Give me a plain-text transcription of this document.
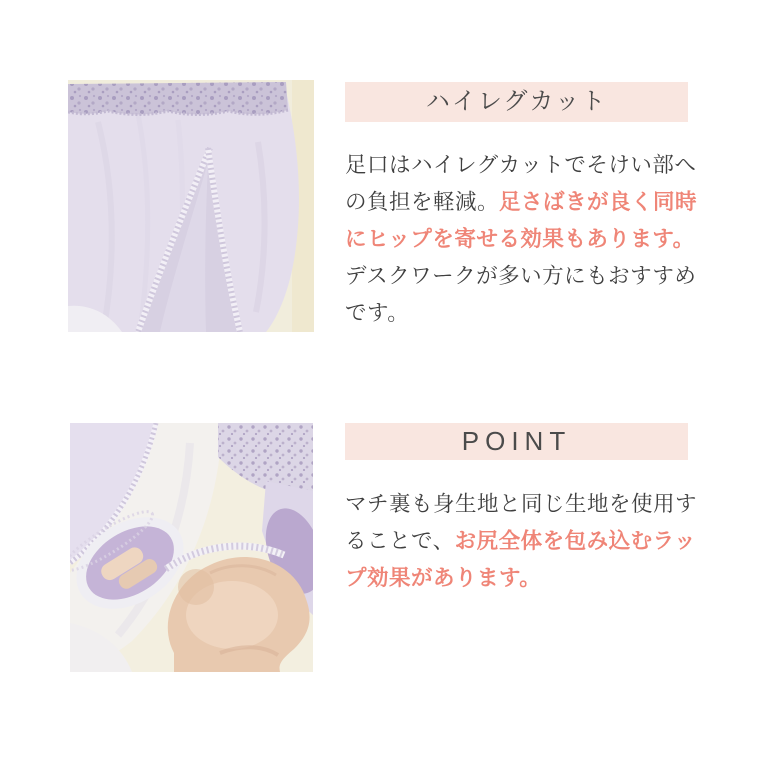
ハイレグカット

足口はハイレグカットでそけい部への負担を軽減。足さばきが良く同時にヒップを寄せる効果もあります。デスクワークが多い方にもおすすめです。

POINT

マチ裏も身生地と同じ生地を使用することで、お尻全体を包み込むラップ効果があります。
